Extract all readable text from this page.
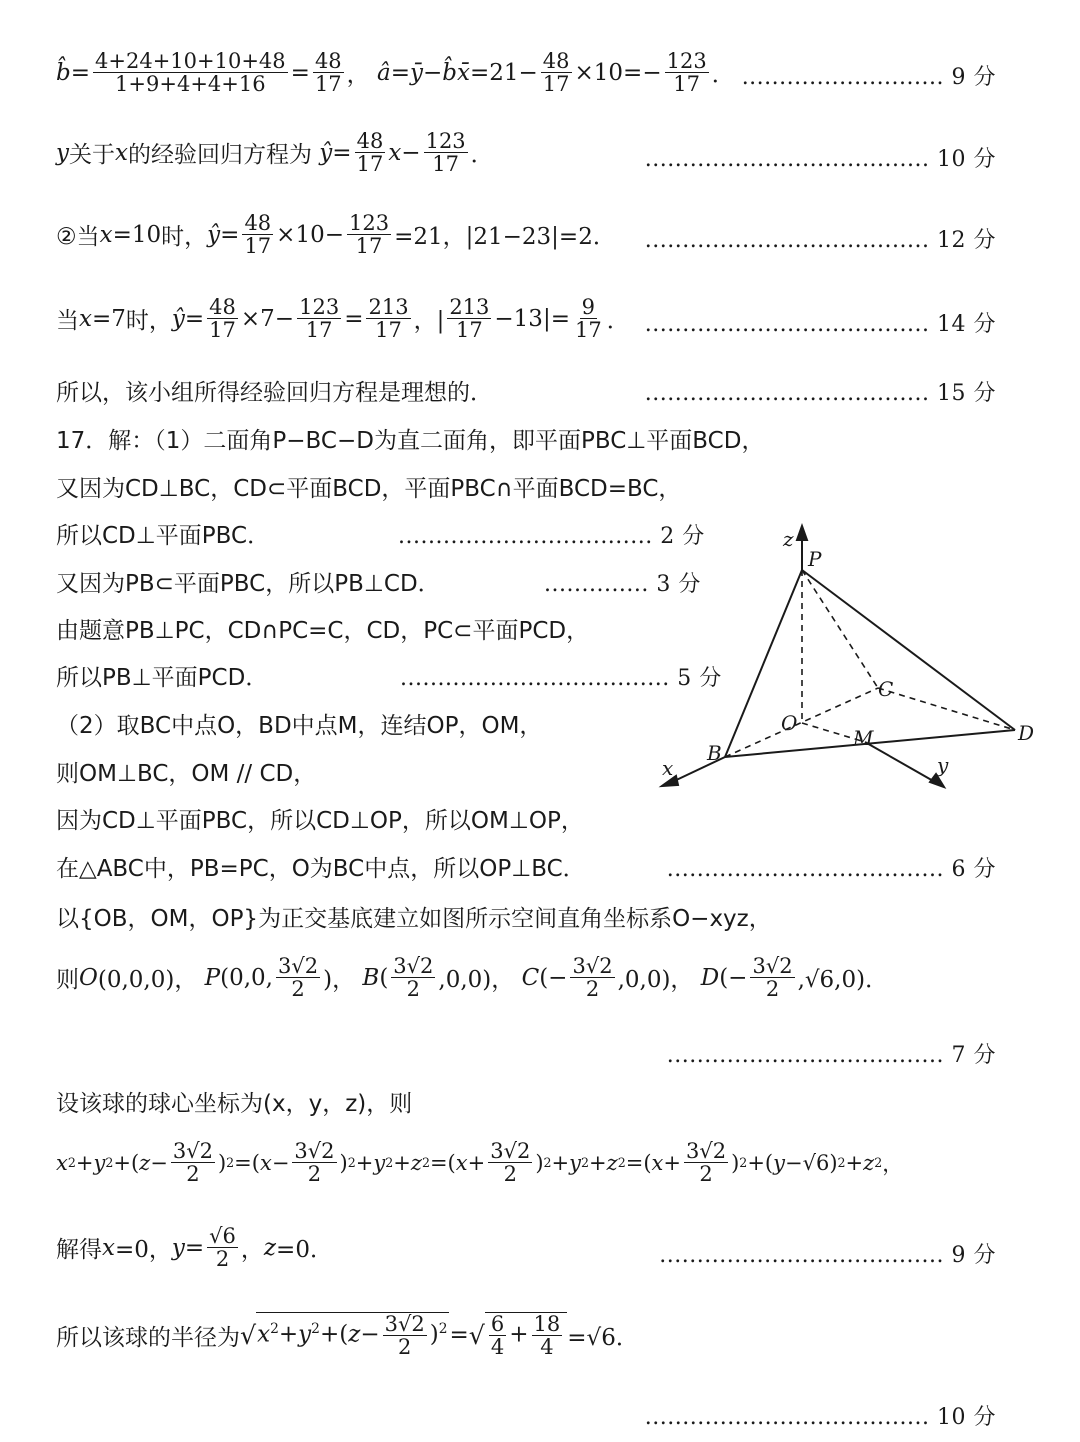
b̂ = $\frac{4+24+10+10+48}{1+9+4+4+16} = \frac{48}{17}$ ， â = ȳ − b̂x̄ $=21- \frac{48}{17} \times 10=- \frac{123}{17}$ ． ........................... 9 分
y 关于 x 的经验回归方程为 ŷ = $\frac{48}{17}$ $x - \frac{123}{17}$ ．	...................................... 10 分
②当 x =10 时， ŷ = $\frac{48}{17} \times 10- \frac{123}{17} =21$，|21−23|=2． ...................................... 12 分
当 x =7 时， ŷ = $\frac{48}{17} \times 7- \frac{123}{17} = \frac{213}{17}$ ，| $\frac{213}{17} -13|= \frac{9}{17}$ ． ...................................... 14 分
所以，该小组所得经验回归方程是理想的．	...................................... 15 分
17．解：（1）二面角P−BC−D为直二面角，即平面PBC⊥平面BCD，
又因为CD⊥BC，CD⊂平面BCD，平面PBC∩平面BCD=BC，
所以CD⊥平面PBC．	.................................. 2 分
又因为PB⊂平面PBC，所以PB⊥CD．	.............. 3 分
由题意PB⊥PC，CD∩PC=C，CD，PC⊂平面PCD，
所以PB⊥平面PCD．	.................................... 5 分
（2）取BC中点O，BD中点M，连结OP，OM，
则OM⊥BC，OM // CD，
因为CD⊥平面PBC，所以CD⊥OP，所以OM⊥OP，
在△ABC中，PB=PC，O为BC中点，所以OP⊥BC．	..................................... 6 分
以{OB，OM，OP}为正交基底建立如图所示空间直角坐标系O−xyz，
则 O (0,0,0)， P (0,0, $\frac{3√2}{2}$ )， B ( $\frac{3√2}{2} ,0,0$)， C (− $\frac{3√2}{2} ,0,0$)， D (− $\frac{3√2}{2} ,√6,0$)．
..................................... 7 分
设该球的球心坐标为(x，y，z)，则
x 2 + y 2 +( $z - \frac{3√2}{2}$ ) 2 =( $x - \frac{3√2}{2}$ ) 2 + y 2 + z 2 =( $x + \frac{3√2}{2}$ ) 2 + y 2 + z 2 =( $x + \frac{3√2}{2}$ ) 2 +( y −√6) 2 + z 2 ，
解得 x =0， $y = \frac{√6}{2}$ ， z =0．	...................................... 9 分
所以该球的半径为 √ $x^2+y^2+(z- \frac{3√2}{2} )^2$ = √ $\frac{6}{4} + \frac{18}{4} =√6$．
...................................... 10 分
z
P
C
O
M	D
B
x	y
